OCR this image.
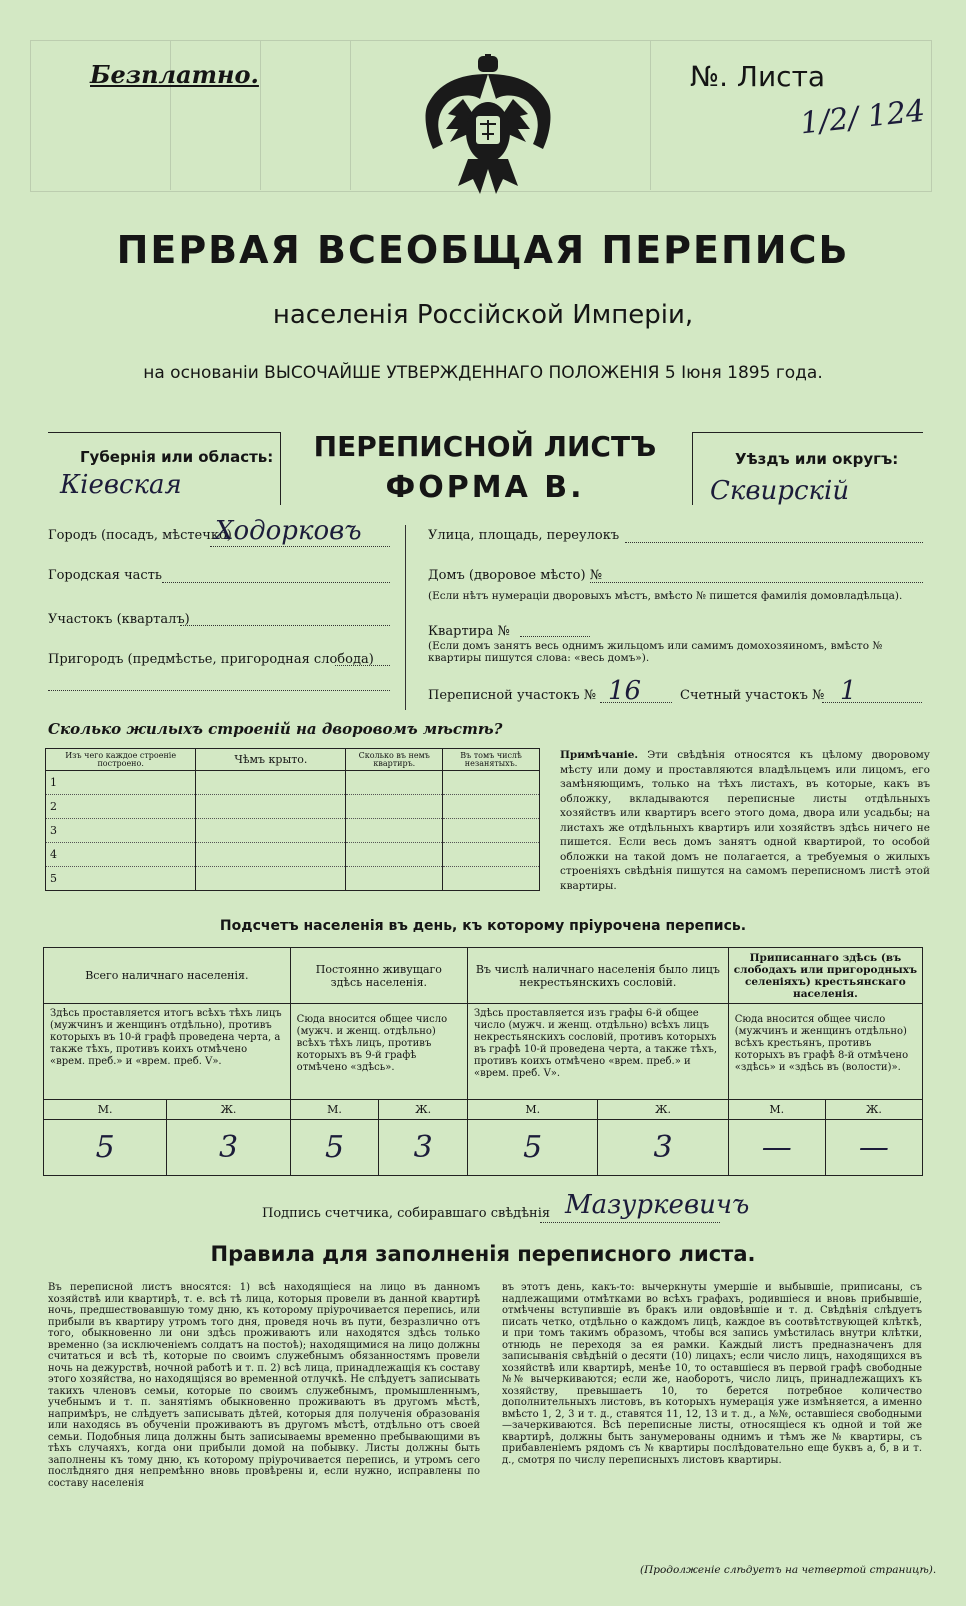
Безплатно.	№. Листа
1/2/ 124
ПЕРВАЯ ВСЕОБЩАЯ ПЕРЕПИСЬ
населенія Россійской Имперіи,
на основаніи ВЫСОЧАЙШЕ УТВЕРЖДЕННАГО ПОЛОЖЕНІЯ 5 Іюня 1895 года.
Губернія или область:
Кіевская
ПЕРЕПИСНОЙ ЛИСТЪ
ФОРМА В.
Уѣздъ или округъ:
Сквирскій
Городъ (посадъ, мѣстечко)
Ходорковъ
Городская часть
Участокъ (кварталъ)
Пригородъ (предмѣстье, пригородная слобода)
Улица, площадь, переулокъ
Домъ (дворовое мѣсто) №
(Если нѣтъ нумераціи дворовыхъ мѣстъ, вмѣсто № пишется фамилія домовладѣльца).
Квартира №
(Если домъ занятъ весь однимъ жильцомъ или самимъ домохозяиномъ, вмѣсто № квартиры пишутся слова: «весь домъ»).
Переписной участокъ № 16	Счетный участокъ № 1
Сколько жилыхъ строеній на дворовомъ мѣстѣ?
Изъ чего каждое строеніе построено.	Чѣмъ крыто.	Сколько въ немъ квартиръ.	Въ томъ числѣ незанятыхъ.
1			
2			
3			
4			
5			
Примѣчаніе. Эти свѣдѣнія относятся къ цѣлому дворовому мѣсту или дому и проставляются владѣльцемъ или лицомъ, его замѣняющимъ, только на тѣхъ листахъ, въ которые, какъ въ обложку, вкладываются переписные листы отдѣльныхъ хозяйствъ или квартиръ всего этого дома, двора или усадьбы; на листахъ же отдѣльныхъ квартиръ или хозяйствъ здѣсь ничего не пишется. Если весь домъ занятъ одной квартирой, то особой обложки на такой домъ не полагается, а требуемыя о жилыхъ строеніяхъ свѣдѣнія пишутся на самомъ переписномъ листѣ этой квартиры.
Подсчетъ населенія въ день, къ которому пріурочена перепись.
Всего наличнаго населенія.		Постоянно живущаго здѣсь населенія.		Въ числѣ наличнаго населенія было лицъ некрестьянскихъ сословій.		Приписаннаго здѣсь (въ слободахъ или пригородныхъ селеніяхъ) крестьянскаго населенія.	
Здѣсь проставляется итогъ всѣхъ тѣхъ лицъ (мужчинъ и женщинъ отдѣльно), противъ которыхъ въ 10-й графѣ проведена черта, а также тѣхъ, противъ коихъ отмѣчено «врем. преб.» и «врем. преб. V».		Сюда вносится общее число (мужч. и женщ. отдѣльно) всѣхъ тѣхъ лицъ, противъ которыхъ въ 9-й графѣ отмѣчено «здѣсь».		Здѣсь проставляется изъ графы 6-й общее число (мужч. и женщ. отдѣльно) всѣхъ лицъ некрестьянскихъ сословій, противъ которыхъ въ графѣ 10-й проведена черта, а также тѣхъ, противъ коихъ отмѣчено «врем. преб.» и «врем. преб. V».		Сюда вносится общее число (мужчинъ и женщинъ отдѣльно) всѣхъ крестьянъ, противъ которыхъ въ графѣ 8-й отмѣчено «здѣсь» и «здѣсь въ (волости)».	
М.	Ж.	М.	Ж.	М.	Ж.	М.	Ж.
5	3	5	3	5	3	—	—
Подпись счетчика, собиравшаго свѣдѣнія Мазуркевичъ
Правила для заполненія переписного листа.
Въ переписной листъ вносятся: 1) всѣ находящіеся на лицо въ данномъ хозяйствѣ или квартирѣ, т. е. всѣ тѣ лица, которыя провели въ данной квартирѣ ночь, предшествовавшую тому дню, къ которому пріурочивается перепись, или прибыли въ квартиру утромъ того дня, проведя ночь въ пути, безразлично отъ того, обыкновенно ли они здѣсь проживаютъ или находятся здѣсь только временно (за исключеніемъ солдатъ на постоѣ); находящимися на лицо должны считаться и всѣ тѣ, которые по своимъ служебнымъ обязанностямъ провели ночь на дежурствѣ, ночной работѣ и т. п. 2) всѣ лица, принадлежащія къ составу этого хозяйства, но находящіяся во временной отлучкѣ. Не слѣдуетъ записывать такихъ членовъ семьи, которые по своимъ служебнымъ, промышленнымъ, учебнымъ и т. п. занятіямъ обыкновенно проживаютъ въ другомъ мѣстѣ, напримѣръ, не слѣдуетъ записывать дѣтей, которыя для полученія образованія или находясь въ обученіи проживаютъ въ другомъ мѣстѣ, отдѣльно отъ своей семьи. Подобныя лица должны быть записываемы временно пребывающими въ тѣхъ случаяхъ, когда они прибыли домой на побывку. Листы должны быть заполнены къ тому дню, къ которому пріурочивается перепись, и утромъ сего послѣдняго дня непремѣнно вновь провѣрены и, если нужно, исправлены по составу населенія
въ этотъ день, какъ-то: вычеркнуты умершіе и выбывшіе, приписаны, съ надлежащими отмѣтками во всѣхъ графахъ, родившіеся и вновь прибывшіе, отмѣчены вступившіе въ бракъ или овдовѣвшіе и т. д. Свѣдѣнія слѣдуетъ писать четко, отдѣльно о каждомъ лицѣ, каждое въ соотвѣтствующей клѣткѣ, и при томъ такимъ образомъ, чтобы вся запись умѣстилась внутри клѣтки, отнюдь не переходя за ея рамки. Каждый листъ предназначенъ для записыванія свѣдѣній о десяти (10) лицахъ; если число лицъ, находящихся въ хозяйствѣ или квартирѣ, менѣе 10, то оставшіеся въ первой графѣ свободные №№ вычеркиваются; если же, наоборотъ, число лицъ, принадлежащихъ къ хозяйству, превышаетъ 10, то берется потребное количество дополнительныхъ листовъ, въ которыхъ нумерація уже измѣняется, а именно вмѣсто 1, 2, 3 и т. д., ставятся 11, 12, 13 и т. д., а №№, оставшіеся свободными—зачеркиваются. Всѣ переписные листы, относящіеся къ одной и той же квартирѣ, должны быть занумерованы однимъ и тѣмъ же № квартиры, съ прибавленіемъ рядомъ съ № квартиры послѣдовательно еще буквъ а, б, в и т. д., смотря по числу переписныхъ листовъ квартиры.
(Продолженіе слѣдуетъ на четвертой страницѣ).
